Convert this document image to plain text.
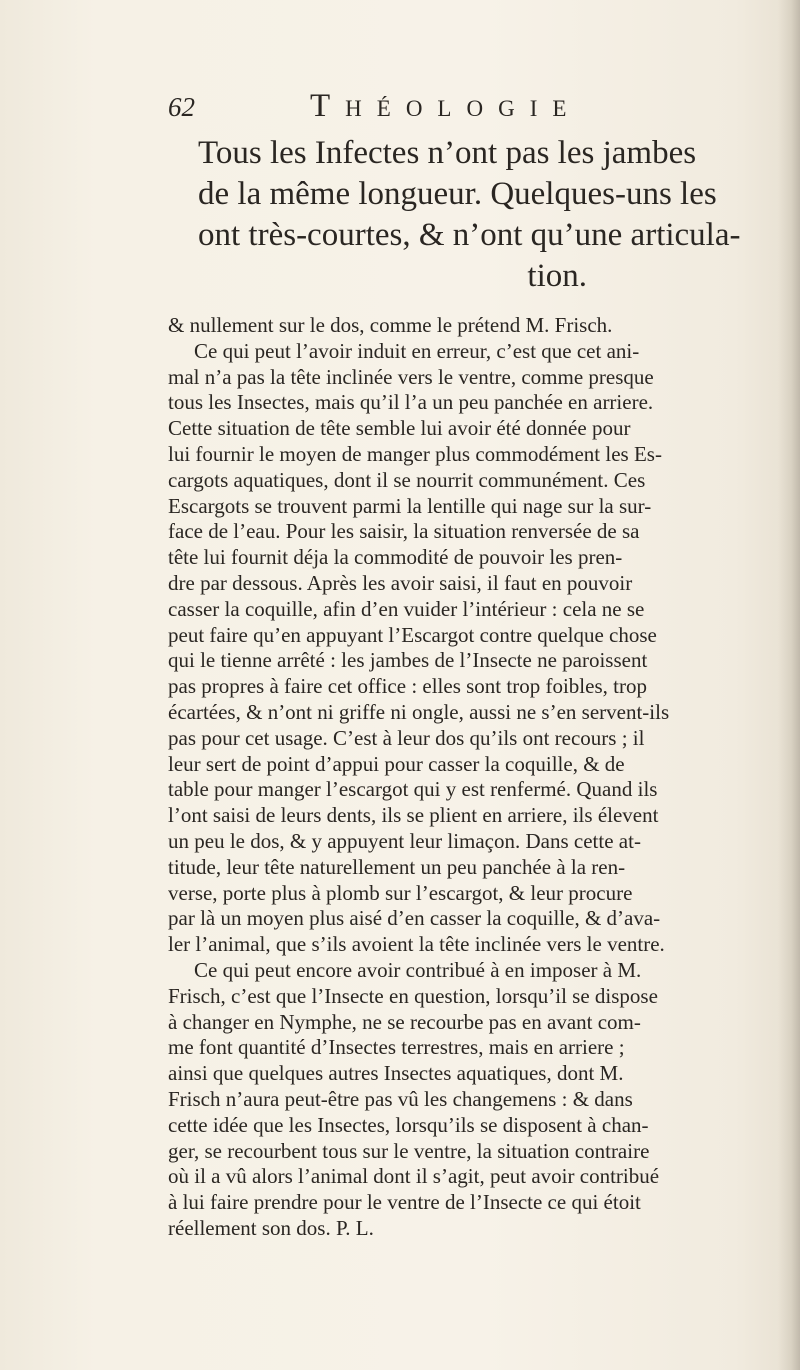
62	Théologie
Tous les Infectes n’ont pas les jambes
de la même longueur. Quelques-uns les
ont très-courtes, & n’ont qu’une articula-
tion.
& nullement sur le dos, comme le prétend M. Frisch.
Ce qui peut l’avoir induit en erreur, c’est que cet ani-
mal n’a pas la tête inclinée vers le ventre, comme presque
tous les Insectes, mais qu’il l’a un peu panchée en arriere.
Cette situation de tête semble lui avoir été donnée pour
lui fournir le moyen de manger plus commodément les Es-
cargots aquatiques, dont il se nourrit communément. Ces
Escargots se trouvent parmi la lentille qui nage sur la sur-
face de l’eau. Pour les saisir, la situation renversée de sa
tête lui fournit déja la commodité de pouvoir les pren-
dre par dessous. Après les avoir saisi, il faut en pouvoir
casser la coquille, afin d’en vuider l’intérieur : cela ne se
peut faire qu’en appuyant l’Escargot contre quelque chose
qui le tienne arrêté : les jambes de l’Insecte ne paroissent
pas propres à faire cet office : elles sont trop foibles, trop
écartées, & n’ont ni griffe ni ongle, aussi ne s’en servent-ils
pas pour cet usage. C’est à leur dos qu’ils ont recours ; il
leur sert de point d’appui pour casser la coquille, & de
table pour manger l’escargot qui y est renfermé. Quand ils
l’ont saisi de leurs dents, ils se plient en arriere, ils élevent
un peu le dos, & y appuyent leur limaçon. Dans cette at-
titude, leur tête naturellement un peu panchée à la ren-
verse, porte plus à plomb sur l’escargot, & leur procure
par là un moyen plus aisé d’en casser la coquille, & d’ava-
ler l’animal, que s’ils avoient la tête inclinée vers le ventre.
Ce qui peut encore avoir contribué à en imposer à M.
Frisch, c’est que l’Insecte en question, lorsqu’il se dispose
à changer en Nymphe, ne se recourbe pas en avant com-
me font quantité d’Insectes terrestres, mais en arriere ;
ainsi que quelques autres Insectes aquatiques, dont M.
Frisch n’aura peut-être pas vû les changemens : & dans
cette idée que les Insectes, lorsqu’ils se disposent à chan-
ger, se recourbent tous sur le ventre, la situation contraire
où il a vû alors l’animal dont il s’agit, peut avoir contribué
à lui faire prendre pour le ventre de l’Insecte ce qui étoit
réellement son dos. P. L.
